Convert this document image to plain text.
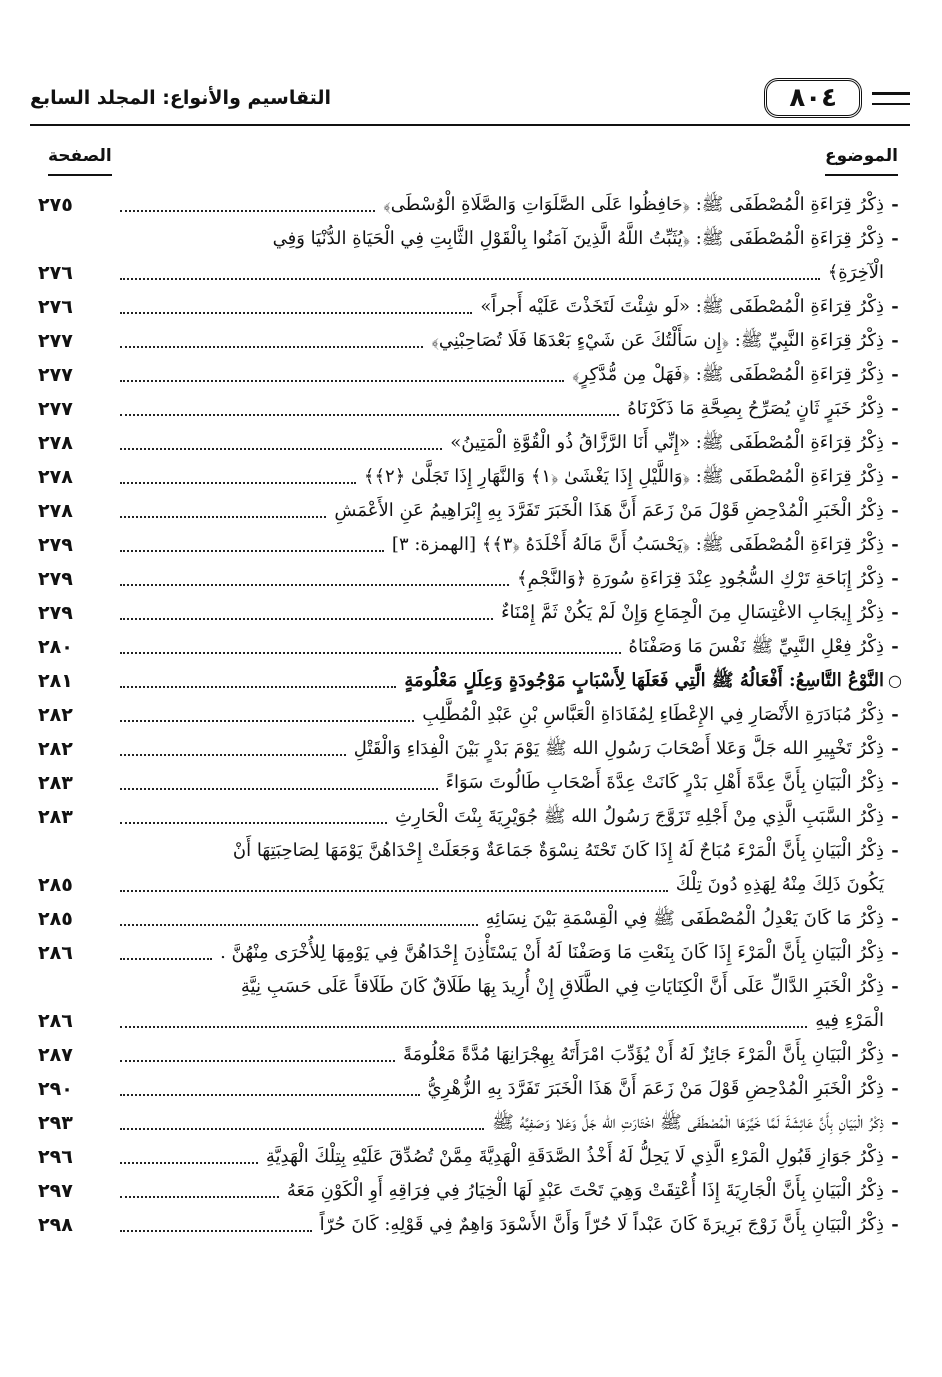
٨٠٤
التقاسيم والأنواع: المجلد السابع
الموضوع
الصفحة
-
ذِكْرُ قِرَاءَةِ الْمُصْطَفَى ﷺ: ﴿حَافِظُوا عَلَى الصَّلَوَاتِ وَالصَّلَاةِ الْوُسْطَى﴾
٢٧٥
-
ذِكْرُ قِرَاءَةِ الْمُصْطَفَى ﷺ: ﴿يُثَبِّتُ اللَّهُ الَّذِينَ آمَنُوا بِالْقَوْلِ الثَّابِتِ فِي الْحَيَاةِ الدُّنْيَا وَفِي
الْآخِرَةِ﴾
٢٧٦
-
ذِكْرُ قِرَاءَةِ الْمُصْطَفَى ﷺ: «لَو شِئْتَ لَتَخَذْتَ عَلَيْه أَجراً»
٢٧٦
-
ذِكْرُ قِرَاءَةِ النَّبِيِّ ﷺ: ﴿إِن سَأَلْتُكَ عَن شَيْءٍ بَعْدَهَا فَلَا تُصَاحِبْنِي﴾
٢٧٧
-
ذِكْرُ قِرَاءَةِ الْمُصْطَفَى ﷺ: ﴿فَهَلْ مِن مُّدَّكِرٍ﴾
٢٧٧
-
ذِكْرُ خَبَرٍ ثَانٍ يُصَرِّحُ بِصِحَّةِ مَا ذَكَرْنَاهُ
٢٧٧
-
ذِكْرُ قِرَاءَةِ الْمُصْطَفَى ﷺ: «إِنِّي أَنَا الرَّزَّاقُ ذُو الْقُوَّةِ الْمَتِينُ»
٢٧٨
-
ذِكْرُ قِرَاءَةِ الْمُصْطَفَى ﷺ: ﴿وَاللَّيْلِ إِذَا يَغْشَىٰ ﴿١﴾ وَالنَّهَارِ إِذَا تَجَلَّىٰ ﴿٢﴾﴾
٢٧٨
-
ذِكْرُ الْخَبَرِ الْمُدْحِضِ قَوْلَ مَنْ زَعَمَ أَنَّ هَذَا الْخَبَرَ تَفَرَّدَ بِهِ إِبْرَاهِيمُ عَنِ الأَعْمَشِ
٢٧٨
-
ذِكْرُ قِرَاءَةِ الْمُصْطَفَى ﷺ: ﴿يَحْسَبُ أَنَّ مَالَهُ أَخْلَدَهُ ﴿٣﴾﴾ [الهمزة: ٣]
٢٧٩
-
ذِكْرُ إِبَاحَةِ تَرْكِ السُّجُودِ عِنْدَ قِرَاءَةِ سُورَةِ ﴿وَالنَّجْمِ﴾
٢٧٩
-
ذِكْرُ إِيجَابِ الاغْتِسَالِ مِنَ الْجِمَاعِ وَإِنْ لَمْ يَكُنْ ثَمَّ إِمْنَاءٌ
٢٧٩
-
ذِكْرُ فِعْلِ النَّبِيِّ ﷺ نَفْسَ مَا وَصَفْنَاهُ
٢٨٠
○
النَّوْعُ التَّاسِعُ: أَفْعَالُهُ ﷺ الَّتِي فَعَلَهَا لِأَسْبَابٍ مَوْجُودَةٍ وَعِلَلٍ مَعْلُومَةٍ
٢٨١
-
ذِكْرُ مُبَادَرَةِ الأَنْصَارِ فِي الإِعْطَاءِ لِمُفَادَاةِ الْعَبَّاسِ بْنِ عَبْدِ الْمُطَّلِبِ
٢٨٢
-
ذِكْرُ تَخْيِيرِ الله جَلَّ وَعَلا أَصْحَابَ رَسُولِ الله ﷺ يَوْمَ بَدْرٍ بَيْنَ الْفِدَاءِ وَالْقَتْلِ
٢٨٢
-
ذِكْرُ الْبَيَانِ بِأَنَّ عِدَّةَ أَهْلِ بَدْرٍ كَانَتْ عِدَّةَ أَصْحَابِ طَالُوتَ سَوَاءً
٢٨٣
-
ذِكْرُ السَّبَبِ الَّذِي مِنْ أَجْلِهِ تَزَوَّجَ رَسُولُ الله ﷺ جُوَيْرِيَةَ بِنْتَ الْحَارِثِ
٢٨٣
-
ذِكْرُ الْبَيَانِ بِأَنَّ الْمَرْءَ مُبَاحٌ لَهُ إِذَا كَانَ تَحْتَهُ نِسْوَةٌ جَمَاعَةٌ وَجَعَلَتْ إِحْدَاهُنَّ يَوْمَهَا لِصَاحِبَتِهَا أَنْ
يَكُونَ ذَلِكَ مِنْهُ لِهَذِهِ دُونَ تِلْكَ
٢٨٥
-
ذِكْرُ مَا كَانَ يَعْدِلُ الْمُصْطَفَى ﷺ فِي الْقِسْمَةِ بَيْنَ نِسَائِهِ
٢٨٥
-
ذِكْرُ الْبَيَانِ بِأَنَّ الْمَرْءَ إِذَا كَانَ بِنَعْتِ مَا وَصَفْنَا لَهُ أَنْ يَسْتَأْذِنَ إِحْدَاهُنَّ فِي يَوْمِهَا لِلأُخْرَى مِنْهُنَّ .
٢٨٦
-
ذِكْرُ الْخَبَرِ الدَّالِّ عَلَى أَنَّ الْكِنَايَاتِ فِي الطَّلَاقِ إِنْ أُرِيدَ بِهَا طَلَاقٌ كَانَ طَلَاقاً عَلَى حَسَبِ نِيَّةِ
الْمَرْءِ فِيهِ
٢٨٦
-
ذِكْرُ الْبَيَانِ بِأَنَّ الْمَرْءَ جَائِزٌ لَهُ أَنْ يُؤَدِّبَ امْرَأَتَهُ بِهِجْرَانِهَا مُدَّةً مَعْلُومَةً
٢٨٧
-
ذِكْرُ الْخَبَرِ الْمُدْحِضِ قَوْلَ مَنْ زَعَمَ أَنَّ هَذَا الْخَبَرَ تَفَرَّدَ بِهِ الزُّهْرِيُّ
٢٩٠
-
ذِكْرُ الْبَيَانِ بِأَنَّ عَائِشَةَ لَمَّا خَيَّرَهَا الْمُصْطَفَى ﷺ اخْتَارَتِ الله جَلَّ وَعَلا وَصَفِيَّهُ ﷺ
٢٩٣
-
ذِكْرُ جَوَازِ قَبُولِ الْمَرْءِ الَّذِي لَا يَحِلُّ لَهُ أَخْذُ الصَّدَقَةِ الْهَدِيَّةَ مِمَّنْ تُصُدِّقَ عَلَيْهِ بِتِلْكَ الْهَدِيَّةِ
٢٩٦
-
ذِكْرُ الْبَيَانِ بِأَنَّ الْجَارِيَةَ إِذَا أُعْتِقَتْ وَهِيَ تَحْتَ عَبْدٍ لَهَا الْخِيَارُ فِي فِرَاقِهِ أَوِ الْكَوْنِ مَعَهُ
٢٩٧
-
ذِكْرُ الْبَيَانِ بِأَنَّ زَوْجَ بَرِيرَةَ كَانَ عَبْداً لَا حُرّاً وَأَنَّ الأَسْوَدَ وَاهِمٌ فِي قَوْلِهِ: كَانَ حُرّاً
٢٩٨
